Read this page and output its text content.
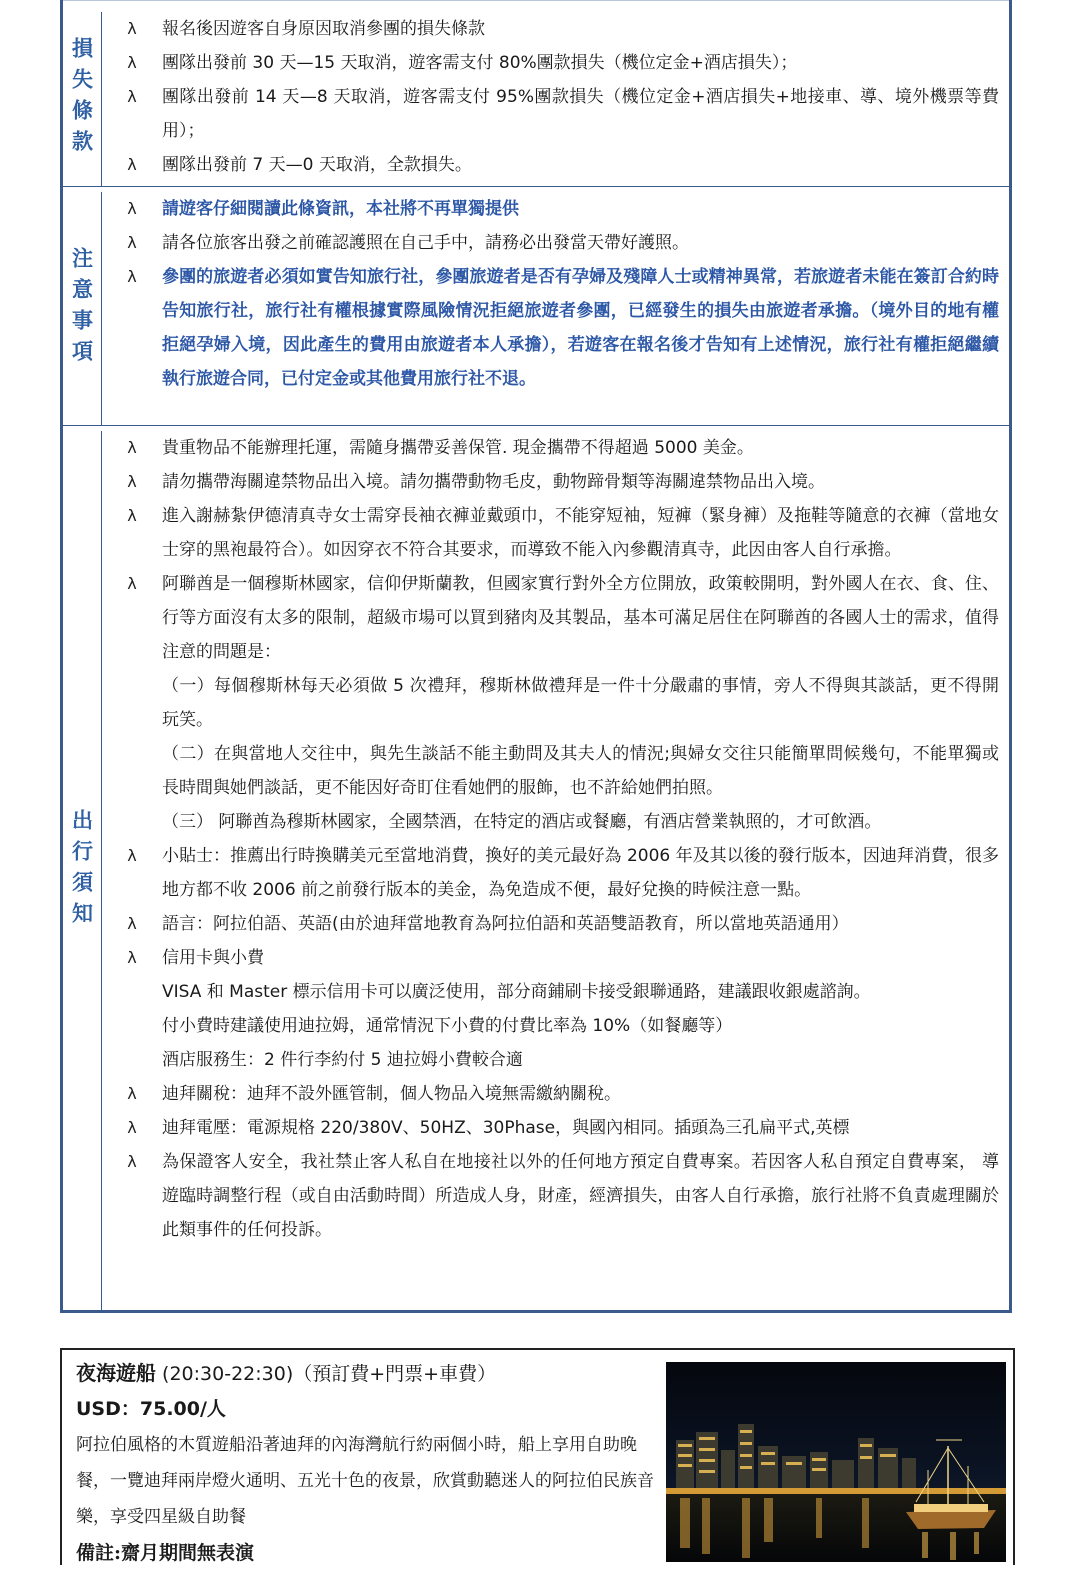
損失條款
λ	報名後因遊客自身原因取消參團的損失條款
λ	團隊出發前 30 天—15 天取消，遊客需支付 80%團款損失（機位定金+酒店損失）；
λ	團隊出發前 14 天—8 天取消，遊客需支付 95%團款損失（機位定金+酒店損失+地接車、導、境外機票等費用）；
λ	團隊出發前 7 天—0 天取消，全款損失。
注意事項
λ	請遊客仔細閱讀此條資訊，本社將不再單獨提供
λ	請各位旅客出發之前確認護照在自己手中，請務必出發當天帶好護照。
λ	參團的旅遊者必須如實告知旅行社，參團旅遊者是否有孕婦及殘障人士或精神異常，若旅遊者未能在簽訂合約時告知旅行社，旅行社有權根據實際風險情況拒絕旅遊者參團，已經發生的損失由旅遊者承擔。（境外目的地有權拒絕孕婦入境，因此產生的費用由旅遊者本人承擔），若遊客在報名後才告知有上述情況，旅行社有權拒絕繼續執行旅遊合同，已付定金或其他費用旅行社不退。
出行須知
λ	貴重物品不能辦理托運，需隨身攜帶妥善保管. 現金攜帶不得超過 5000 美金。
λ	請勿攜帶海關違禁物品出入境。請勿攜帶動物毛皮，動物蹄骨類等海關違禁物品出入境。
λ	進入謝赫紮伊德清真寺女士需穿長袖衣褲並戴頭巾，不能穿短袖，短褲（緊身褲）及拖鞋等隨意的衣褲（當地女士穿的黑袍最符合）。如因穿衣不符合其要求，而導致不能入內參觀清真寺，此因由客人自行承擔。
λ	阿聯酋是一個穆斯林國家，信仰伊斯蘭教，但國家實行對外全方位開放，政策較開明，對外國人在衣、食、住、行等方面沒有太多的限制，超級市場可以買到豬肉及其製品，基本可滿足居住在阿聯酋的各國人士的需求，值得注意的問題是：
（一）每個穆斯林每天必須做 5 次禮拜，穆斯林做禮拜是一件十分嚴肅的事情，旁人不得與其談話，更不得開玩笑。
（二）在與當地人交往中，與先生談話不能主動問及其夫人的情況;與婦女交往只能簡單問候幾句，不能單獨或長時間與她們談話，更不能因好奇盯住看她們的服飾，也不許給她們拍照。
（三） 阿聯酋為穆斯林國家，全國禁酒，在特定的酒店或餐廳，有酒店營業執照的，才可飲酒。
λ	小貼士：推薦出行時換購美元至當地消費，換好的美元最好為 2006 年及其以後的發行版本，因迪拜消費，很多地方都不收 2006 前之前發行版本的美金，為免造成不便，最好兌換的時候注意一點。
λ	語言：阿拉伯語、英語(由於迪拜當地教育為阿拉伯語和英語雙語教育，所以當地英語通用）
λ	信用卡與小費
VISA 和 Master 標示信用卡可以廣泛使用，部分商鋪刷卡接受銀聯通路，建議跟收銀處諮詢。
付小費時建議使用迪拉姆，通常情況下小費的付費比率為 10%（如餐廳等）
酒店服務生：2 件行李約付 5 迪拉姆小費較合適
λ	迪拜關稅：迪拜不設外匯管制，個人物品入境無需繳納關稅。
λ	迪拜電壓：電源規格 220/380V、50HZ、30Phase，與國內相同。插頭為三孔扁平式,英標
λ	為保證客人安全，我社禁止客人私自在地接社以外的任何地方預定自費專案。若因客人私自預定自費專案， 導遊臨時調整行程（或自由活動時間）所造成人身，財產，經濟損失，由客人自行承擔，旅行社將不負責處理關於此類事件的任何投訴。
夜海遊船 (20:30-22:30)（預訂費+門票+車費）
USD：75.00/人
阿拉伯風格的木質遊船沿著迪拜的內海灣航行約兩個小時，船上享用自助晚餐，一覽迪拜兩岸燈火通明、五光十色的夜景，欣賞動聽迷人的阿拉伯民族音樂，享受四星級自助餐
備註:齋月期間無表演
